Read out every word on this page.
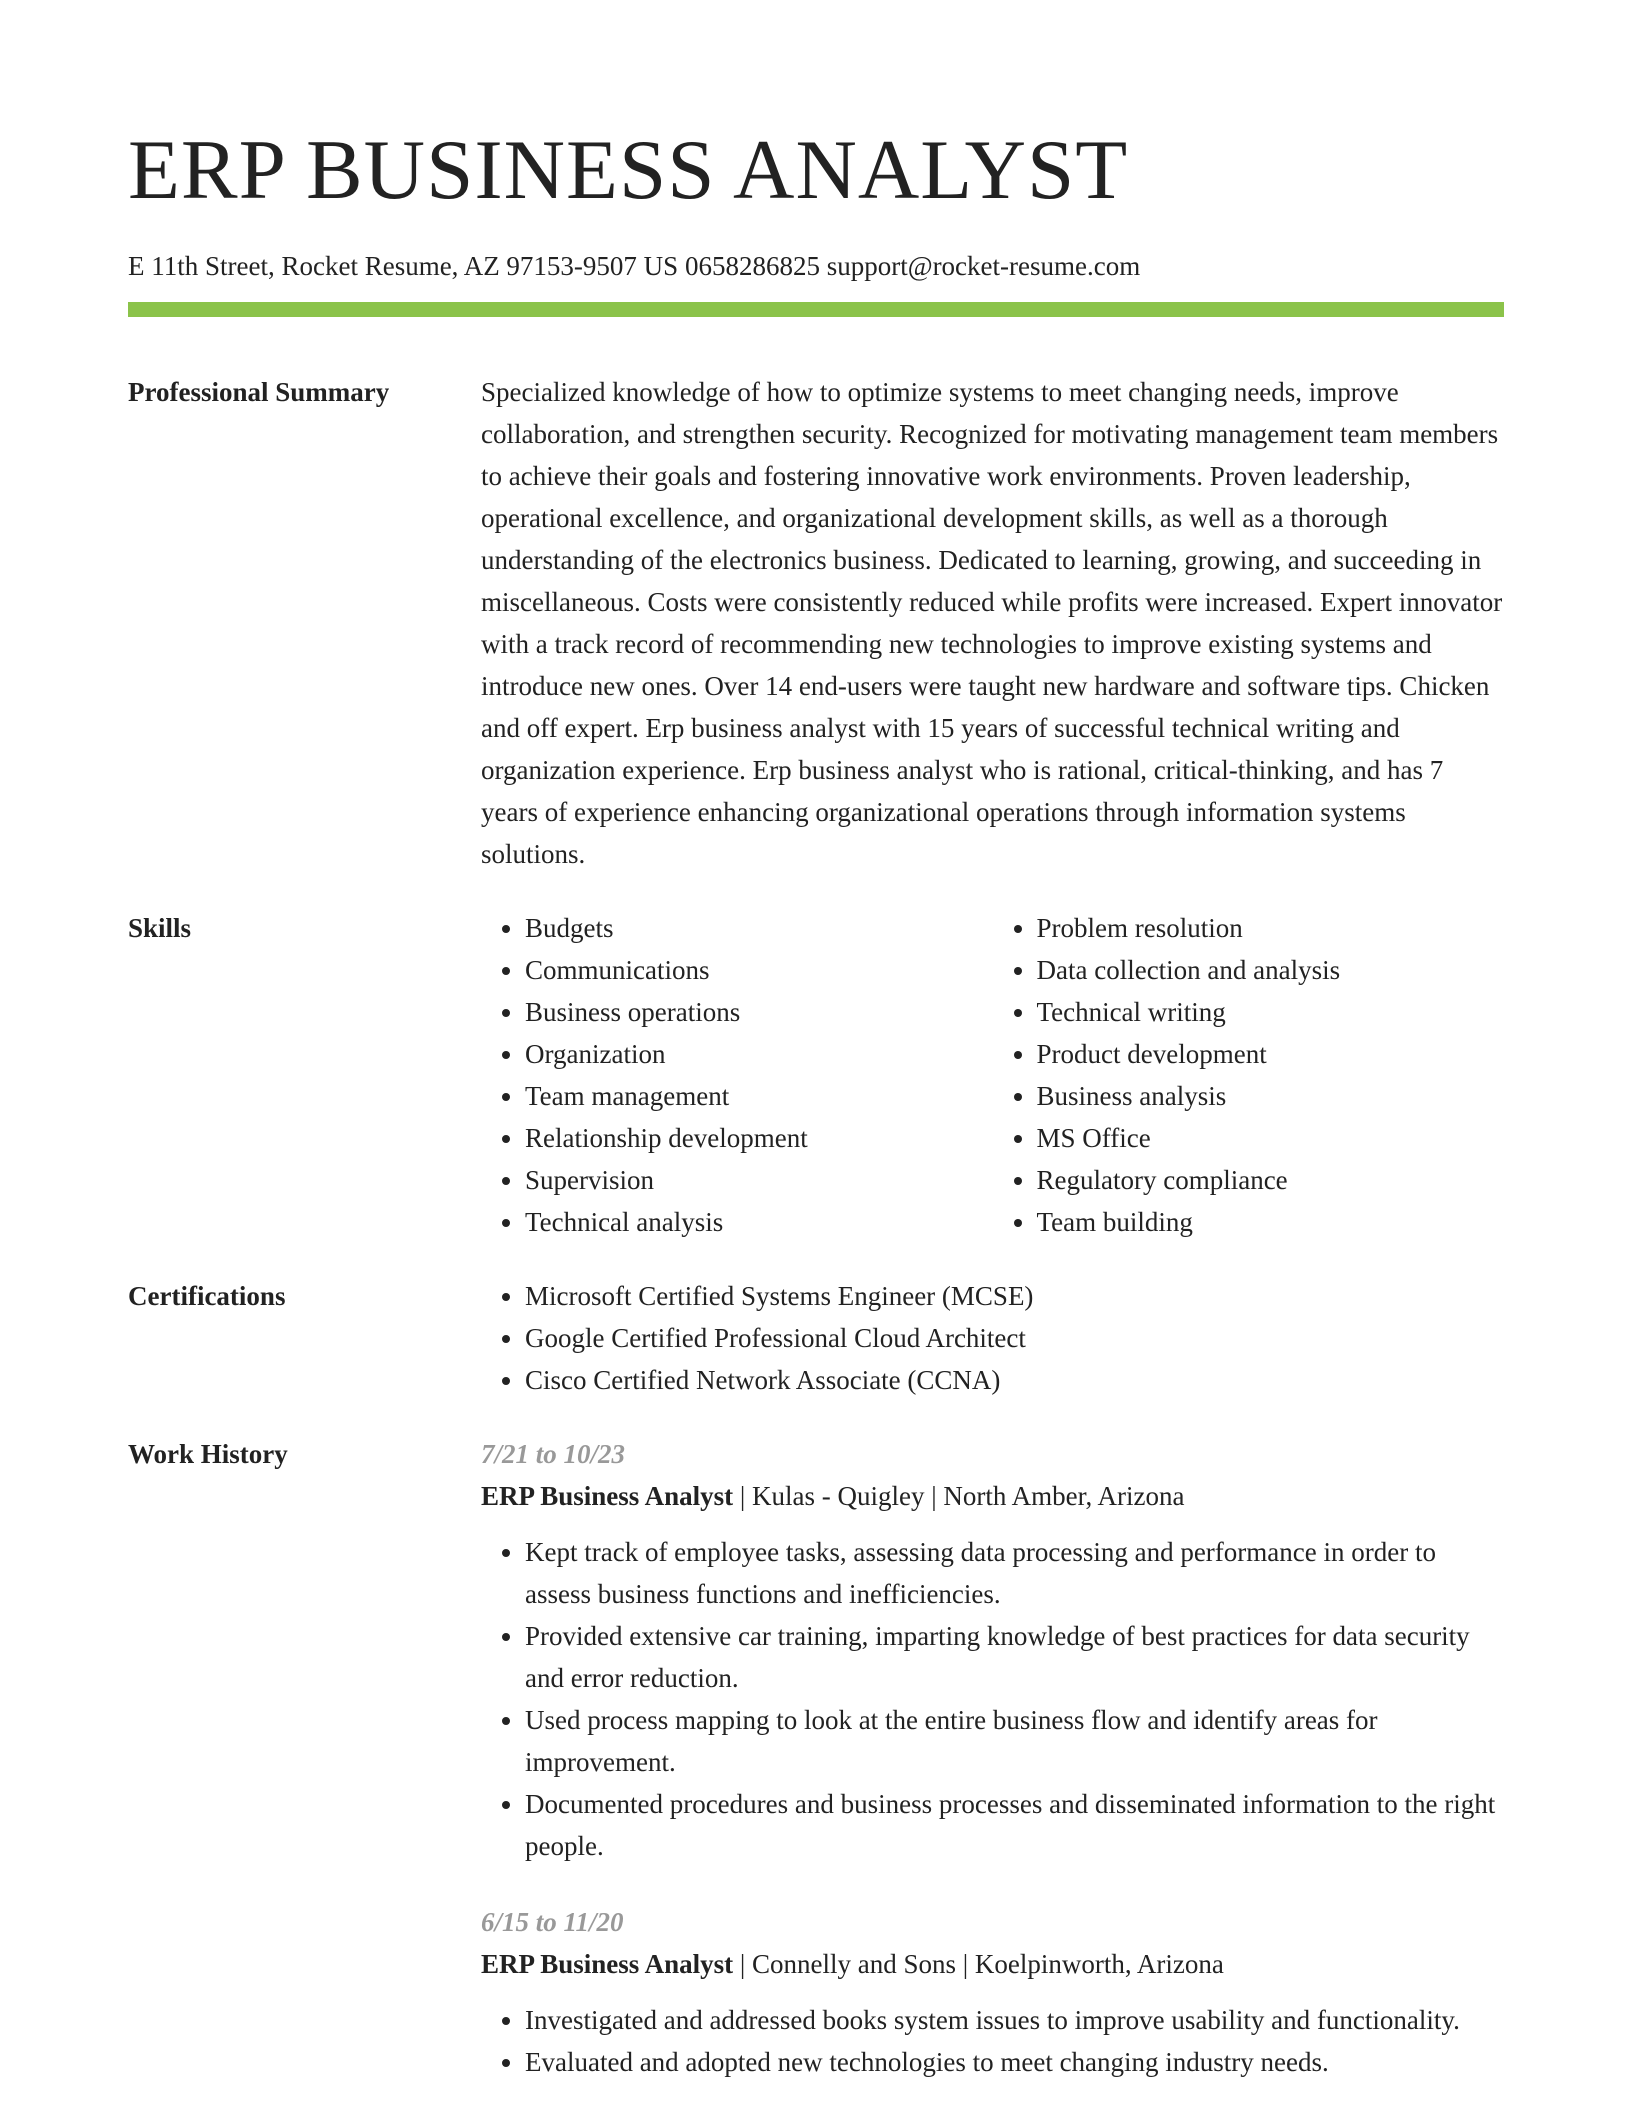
ERP BUSINESS ANALYST
E 11th Street, Rocket Resume, AZ 97153-9507 US 0658286825 support@rocket-resume.com
Professional Summary	Specialized knowledge of how to optimize systems to meet changing needs, improve collaboration, and strengthen security. Recognized for motivating management team members to achieve their goals and fostering innovative work environments. Proven leadership, operational excellence, and organizational development skills, as well as a thorough understanding of the electronics business. Dedicated to learning, growing, and succeeding in miscellaneous. Costs were consistently reduced while profits were increased. Expert innovator with a track record of recommending new technologies to improve existing systems and introduce new ones. Over 14 end-users were taught new hardware and software tips. Chicken and off expert. Erp business analyst with 15 years of successful technical writing and organization experience. Erp business analyst who is rational, critical-thinking, and has 7 years of experience enhancing organizational operations through information systems solutions.

Skills	• Budgets
• Communications
• Business operations
• Organization
• Team management
• Relationship development
• Supervision
• Technical analysis
• Problem resolution
• Data collection and analysis
• Technical writing
• Product development
• Business analysis
• MS Office
• Regulatory compliance
• Team building
Certifications	• Microsoft Certified Systems Engineer (MCSE)
• Google Certified Professional Cloud Architect
• Cisco Certified Network Associate (CCNA)
Work History	7/21 to 10/23
ERP Business Analyst | Kulas - Quigley | North Amber, Arizona
• Kept track of employee tasks, assessing data processing and performance in order to assess business functions and inefficiencies.
• Provided extensive car training, imparting knowledge of best practices for data security and error reduction.
• Used process mapping to look at the entire business flow and identify areas for improvement.
• Documented procedures and business processes and disseminated information to the right people.
6/15 to 11/20
ERP Business Analyst | Connelly and Sons | Koelpinworth, Arizona
• Investigated and addressed books system issues to improve usability and functionality.
• Evaluated and adopted new technologies to meet changing industry needs.
